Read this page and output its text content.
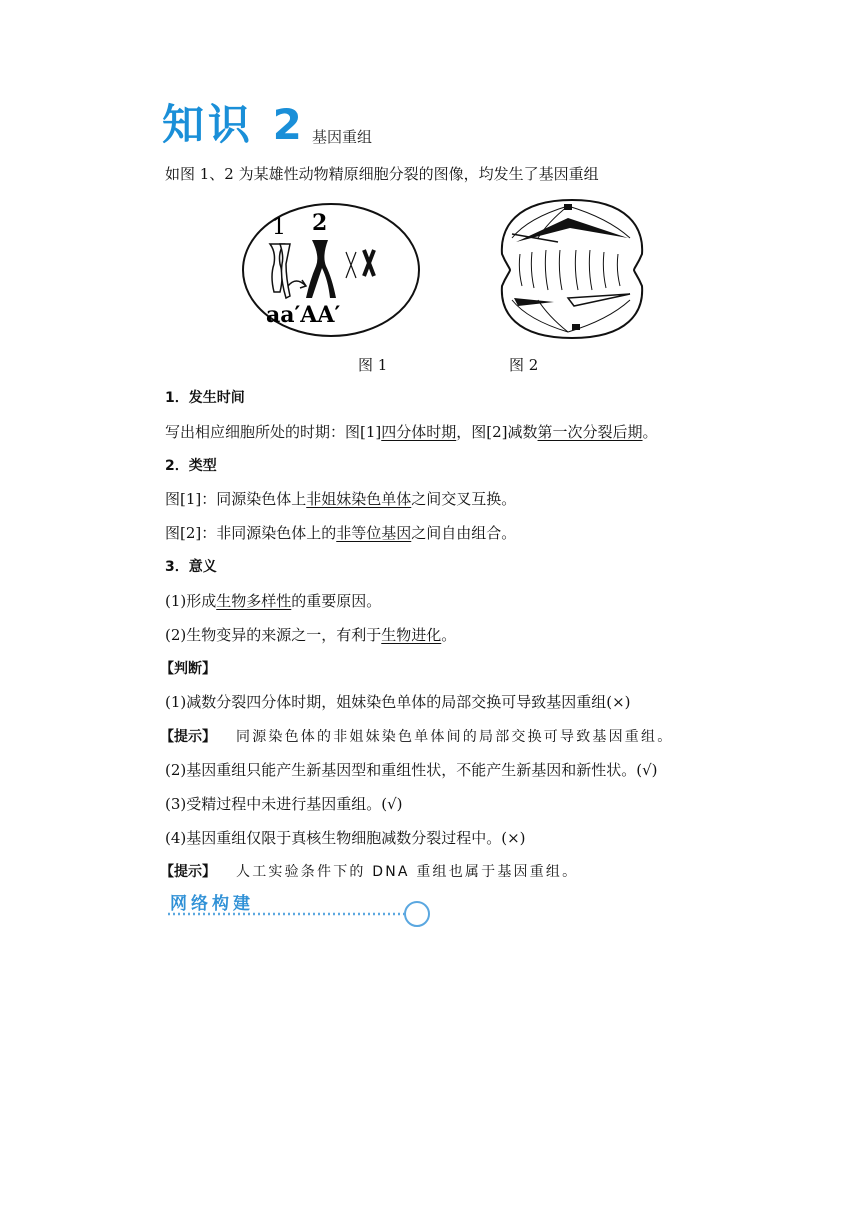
知识 2 基因重组
如图 1、2 为某雄性动物精原细胞分裂的图像，均发生了基因重组
1 2
aa′AA′
图 1	图 2
1．发生时间
写出相应细胞所处的时期：图[1]四分体时期，图[2]减数第一次分裂后期。
2．类型
图[1]：同源染色体上非姐妹染色单体之间交叉互换。
图[2]：非同源染色体上的非等位基因之间自由组合。
3．意义
(1)形成生物多样性的重要原因。
(2)生物变异的来源之一，有利于生物进化。
【判断】
(1)减数分裂四分体时期，姐妹染色单体的局部交换可导致基因重组(×)
【提示】 同源染色体的非姐妹染色单体间的局部交换可导致基因重组。
(2)基因重组只能产生新基因型和重组性状，不能产生新基因和新性状。(√)
(3)受精过程中未进行基因重组。(√)
(4)基因重组仅限于真核生物细胞减数分裂过程中。(×)
【提示】 人工实验条件下的 DNA 重组也属于基因重组。
网络构建
